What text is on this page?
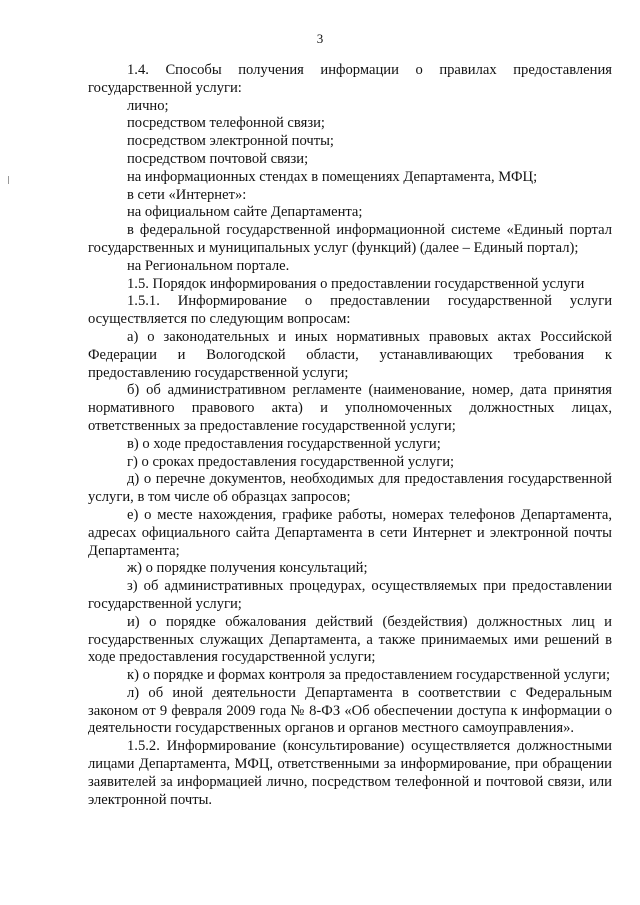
3

1.4. Способы получения информации о правилах предоставления государственной услуги:

лично;

посредством телефонной связи;

посредством электронной почты;

посредством почтовой связи;

на информационных стендах в помещениях Департамента, МФЦ;

в сети «Интернет»:

на официальном сайте Департамента;

в федеральной государственной информационной системе «Единый портал государственных и муниципальных услуг (функций) (далее – Единый портал);

на Региональном портале.

1.5. Порядок информирования о предоставлении государственной услуги

1.5.1. Информирование о предоставлении государственной услуги осуществляется по следующим вопросам:

а) о законодательных и иных нормативных правовых актах Российской Федерации и Вологодской области, устанавливающих требования к предоставлению государственной услуги;

б) об административном регламенте (наименование, номер, дата принятия нормативного правового акта) и уполномоченных должностных лицах, ответственных за предоставление государственной услуги;

в) о ходе предоставления государственной услуги;

г) о сроках предоставления государственной услуги;

д) о перечне документов, необходимых для предоставления государственной услуги, в том числе об образцах запросов;

е) о месте нахождения, графике работы, номерах телефонов Департамента, адресах официального сайта Департамента в сети Интернет и электронной почты Департамента;

ж) о порядке получения консультаций;

з) об административных процедурах, осуществляемых при предоставлении государственной услуги;

и) о порядке обжалования действий (бездействия) должностных лиц и государственных служащих Департамента, а также принимаемых ими решений в ходе предоставления государственной услуги;

к) о порядке и формах контроля за предоставлением государственной услуги;

л) об иной деятельности Департамента в соответствии с Федеральным законом от 9 февраля 2009 года № 8-ФЗ «Об обеспечении доступа к информации о деятельности государственных органов и органов местного самоуправления».

1.5.2. Информирование (консультирование) осуществляется должностными лицами Департамента, МФЦ, ответственными за информирование, при обращении заявителей за информацией лично, посредством телефонной и почтовой связи, или электронной почты.
